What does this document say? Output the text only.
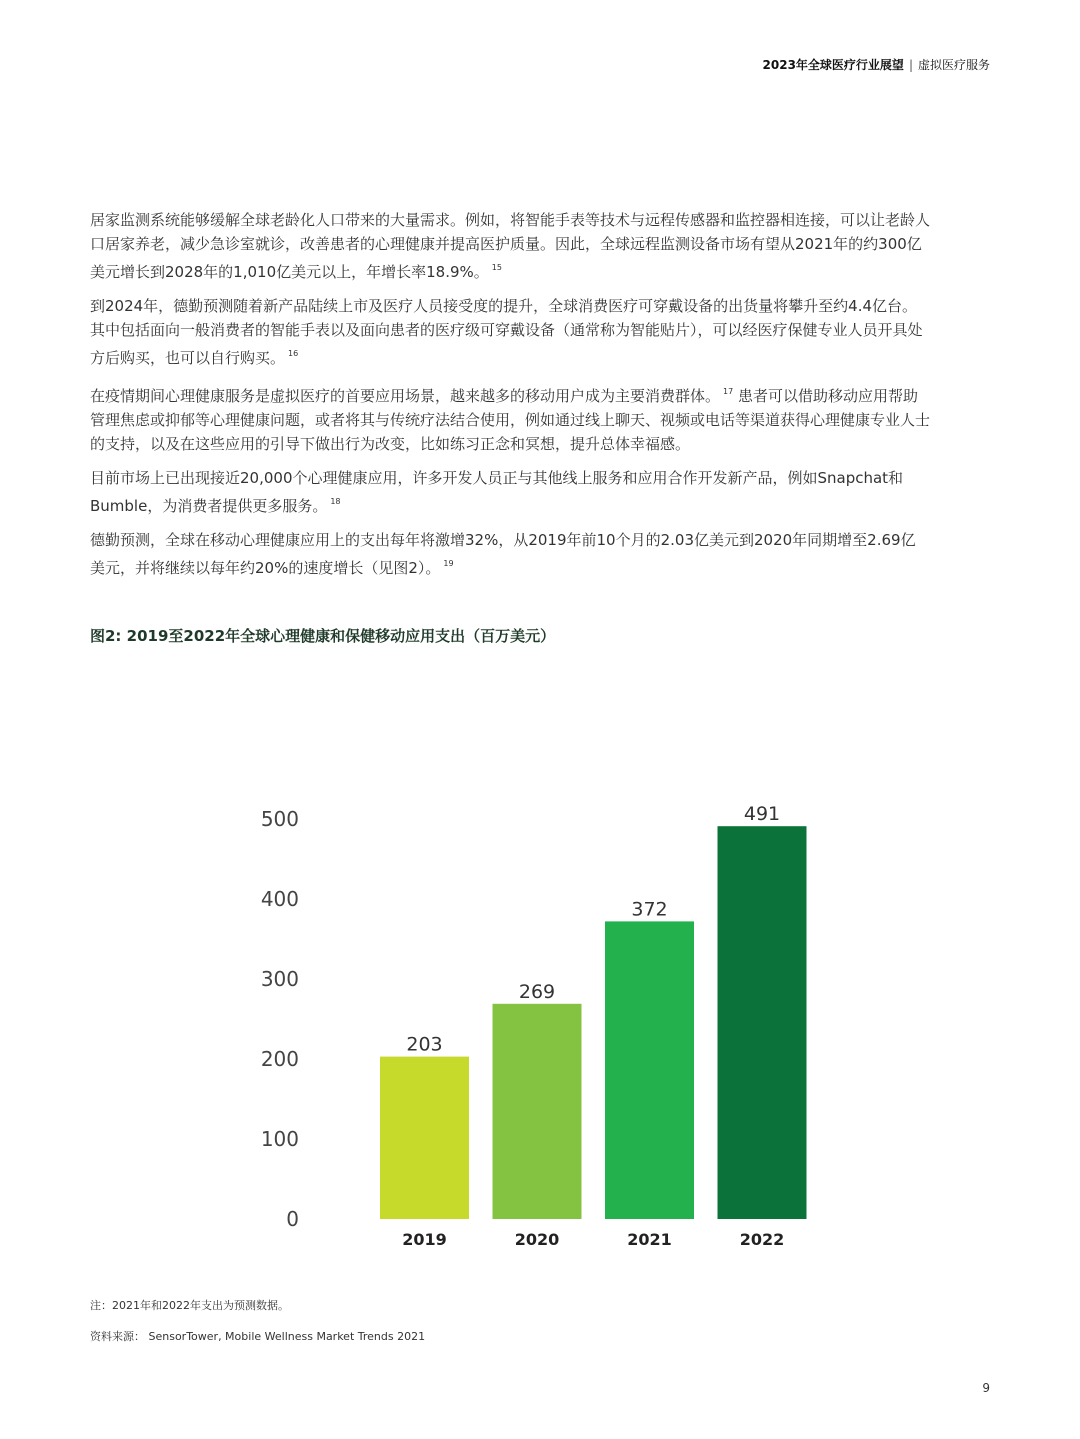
2023年全球医疗行业展望 | 虚拟医疗服务

居家监测系统能够缓解全球老龄化人口带来的大量需求。例如，将智能手表等技术与远程传感器和监控器相连接，可以让老龄人口居家养老，减少急诊室就诊，改善患者的心理健康并提高医护质量。因此，全球远程监测设备市场有望从2021年的约300亿美元增长到2028年的1,010亿美元以上，年增长率18.9%。 $^{15}$

到2024年，德勤预测随着新产品陆续上市及医疗人员接受度的提升，全球消费医疗可穿戴设备的出货量将攀升至约4.4亿台。其中包括面向一般消费者的智能手表以及面向患者的医疗级可穿戴设备（通常称为智能贴片），可以经医疗保健专业人员开具处方后购买，也可以自行购买。 $^{16}$

在疫情期间心理健康服务是虚拟医疗的首要应用场景，越来越多的移动用户成为主要消费群体。 $^{17}$ 患者可以借助移动应用帮助管理焦虑或抑郁等心理健康问题，或者将其与传统疗法结合使用，例如通过线上聊天、视频或电话等渠道获得心理健康专业人士的支持，以及在这些应用的引导下做出行为改变，比如练习正念和冥想，提升总体幸福感。

目前市场上已出现接近20,000个心理健康应用，许多开发人员正与其他线上服务和应用合作开发新产品，例如Snapchat和Bumble，为消费者提供更多服务。 $^{18}$

德勤预测，全球在移动心理健康应用上的支出每年将激增32%，从2019年前10个月的2.03亿美元到2020年同期增至2.69亿美元，并将继续以每年约20%的速度增长（见图2）。 $^{19}$

图2: 2019至2022年全球心理健康和保健移动应用支出（百万美元）
0
100
200
300
400
500
203
2019
269
2020
372
2021
491
2022
注：2021年和2022年支出为预测数据。
资料来源： SensorTower, Mobile Wellness Market Trends 2021
9
